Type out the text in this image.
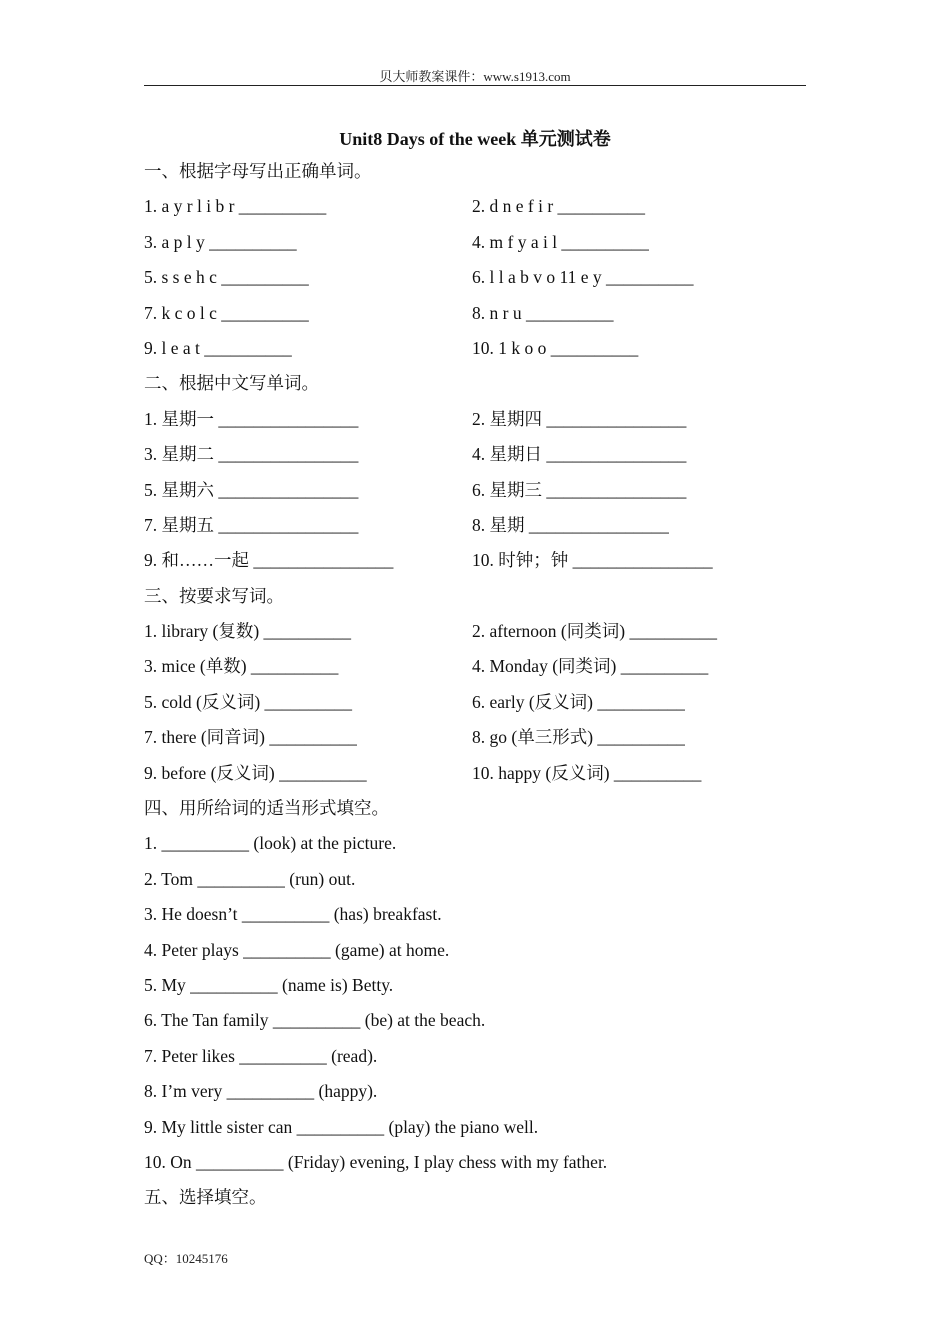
贝大师教案课件：www.s1913.com
Unit8 Days of the week 单元测试卷
一、根据字母写出正确单词。
1. a y r l i b r __________	2. d n e f i r __________
3. a p l y __________	4. m f y a i l __________
5. s s e h c __________	6. l l a b v o 11 e y __________
7. k c o l c __________	8. n r u __________
9. l e a t __________	10. 1 k o o __________
二、根据中文写单词。
1. 星期一 ________________	2. 星期四 ________________
3. 星期二 ________________	4. 星期日 ________________
5. 星期六 ________________	6. 星期三 ________________
7. 星期五 ________________	8. 星期 ________________
9. 和……一起 ________________	10. 时钟；钟 ________________
三、按要求写词。
1. library (复数) __________	2. afternoon (同类词) __________
3. mice (单数) __________	4. Monday (同类词) __________
5. cold (反义词) __________	6. early (反义词) __________
7. there (同音词) __________	8. go (单三形式) __________
9. before (反义词) __________	10. happy (反义词) __________
四、用所给词的适当形式填空。
1. __________ (look) at the picture.
2. Tom __________ (run) out.
3. He doesn’t __________ (has) breakfast.
4. Peter plays __________ (game) at home.
5. My __________ (name is) Betty.
6. The Tan family __________ (be) at the beach.
7. Peter likes __________ (read).
8. I’m very __________ (happy).
9. My little sister can __________ (play) the piano well.
10. On __________ (Friday) evening, I play chess with my father.
五、选择填空。
QQ：10245176
